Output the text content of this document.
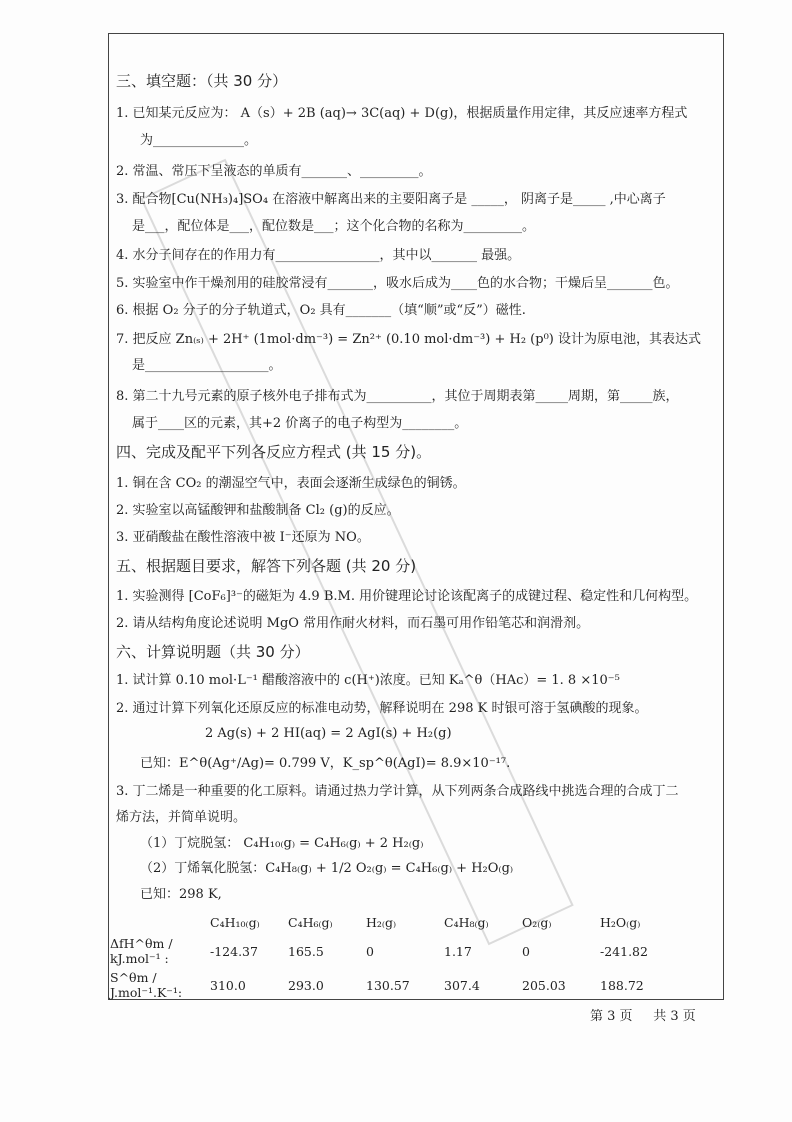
三、填空题：（共 30 分）
1. 已知某元反应为： A（s）+ 2B (aq)→ 3C(aq) + D(g)，根据质量作用定律，其反应速率方程式
为______________。
2. 常温、常压下呈液态的单质有_______、_________。
3. 配合物[Cu(NH₃)₄]SO₄ 在溶液中解离出来的主要阳离子是 _____， 阴离子是_____ ,中心离子
是___，配位体是___，配位数是___；这个化合物的名称为_________。
4. 水分子间存在的作用力有________________，其中以_______ 最强。
5. 实验室中作干燥剂用的硅胶常浸有_______，吸水后成为____色的水合物；干燥后呈_______色。
6. 根据 O₂ 分子的分子轨道式，O₂ 具有_______（填“顺”或“反”）磁性.
7. 把反应 Zn₍ₛ₎ + 2H⁺ (1mol·dm⁻³) = Zn²⁺ (0.10 mol·dm⁻³) + H₂ (p⁰) 设计为原电池，其表达式
是___________________。
8. 第二十九号元素的原子核外电子排布式为__________，其位于周期表第_____周期，第_____族，
属于____区的元素，其+2 价离子的电子构型为________。
四、完成及配平下列各反应方程式 (共 15 分)。
1. 铜在含 CO₂ 的潮湿空气中，表面会逐渐生成绿色的铜锈。
2. 实验室以高锰酸钾和盐酸制备 Cl₂ (g)的反应。
3. 亚硝酸盐在酸性溶液中被 I⁻还原为 NO。
五、根据题目要求，解答下列各题 (共 20 分)
1. 实验测得 [CoF₆]³⁻的磁矩为 4.9 B.M. 用价键理论讨论该配离子的成键过程、稳定性和几何构型。
2. 请从结构角度论述说明 MgO 常用作耐火材料，而石墨可用作铅笔芯和润滑剂。
六、计算说明题（共 30 分）
1. 试计算 0.10 mol·L⁻¹ 醋酸溶液中的 c(H⁺)浓度。已知 Kₐ^θ（HAc）= 1. 8 ×10⁻⁵
2. 通过计算下列氧化还原反应的标准电动势，解释说明在 298 K 时银可溶于氢碘酸的现象。
2 Ag(s) + 2 HI(aq) = 2 AgI(s) + H₂(g)
已知：E^θ(Ag⁺/Ag)= 0.799 V，K_sp^θ(AgI)= 8.9×10⁻¹⁷.
3. 丁二烯是一种重要的化工原料。请通过热力学计算，从下列两条合成路线中挑选合理的合成丁二
烯方法，并简单说明。
（1）丁烷脱氢： C₄H₁₀₍g₎ = C₄H₆₍g₎ + 2 H₂₍g₎
（2）丁烯氧化脱氢：C₄H₈₍g₎ + 1/2 O₂₍g₎ = C₄H₆₍g₎ + H₂O₍g₎
已知：298 K,
	C₄H₁₀₍g₎	C₄H₆₍g₎	H₂₍g₎	C₄H₈₍g₎	O₂₍g₎	H₂O₍g₎
ΔfH^θm / kJ.mol⁻¹ :	-124.37	165.5	0	1.17	0	-241.82
S^θm / J.mol⁻¹.K⁻¹:	310.0	293.0	130.57	307.4	205.03	188.72
第 3 页 共 3 页
